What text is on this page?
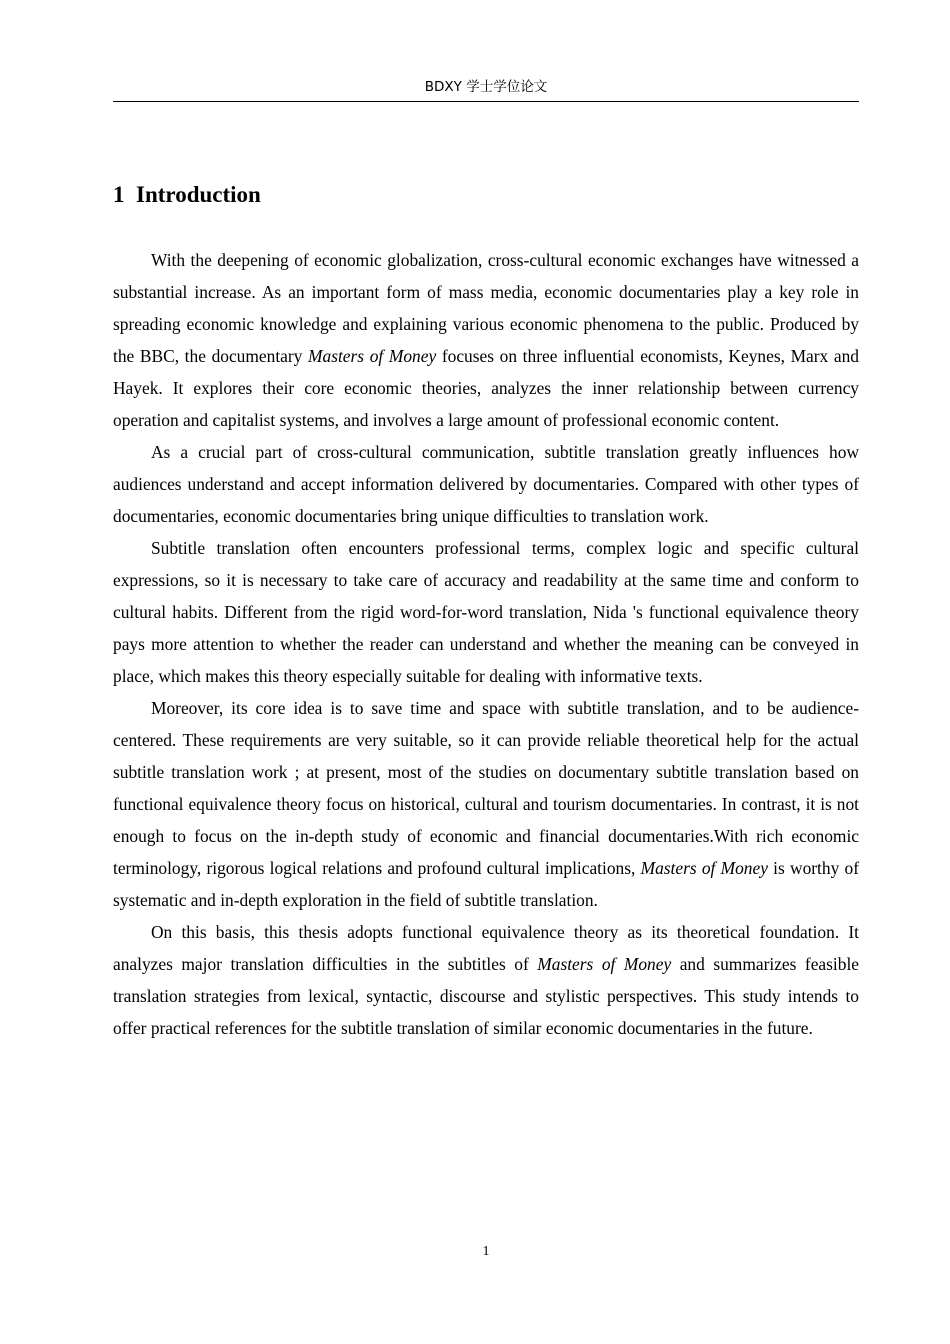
BDXY 学士学位论文
1 Introduction

With the deepening of economic globalization, cross-cultural economic exchanges have witnessed a substantial increase. As an important form of mass media, economic documentaries play a key role in spreading economic knowledge and explaining various economic phenomena to the public. Produced by the BBC, the documentary Masters of Money focuses on three influential economists, Keynes, Marx and Hayek. It explores their core economic theories, analyzes the inner relationship between currency operation and capitalist systems, and involves a large amount of professional economic content.

As a crucial part of cross-cultural communication, subtitle translation greatly influences how audiences understand and accept information delivered by documentaries. Compared with other types of documentaries, economic documentaries bring unique difficulties to translation work.

Subtitle translation often encounters professional terms, complex logic and specific cultural expressions, so it is necessary to take care of accuracy and readability at the same time and conform to cultural habits. Different from the rigid word-for-word translation, Nida 's functional equivalence theory pays more attention to whether the reader can understand and whether the meaning can be conveyed in place, which makes this theory especially suitable for dealing with informative texts.

Moreover, its core idea is to save time and space with subtitle translation, and to be audience-centered. These requirements are very suitable, so it can provide reliable theoretical help for the actual subtitle translation work ; at present, most of the studies on documentary subtitle translation based on functional equivalence theory focus on historical, cultural and tourism documentaries. In contrast, it is not enough to focus on the in-depth study of economic and financial documentaries.With rich economic terminology, rigorous logical relations and profound cultural implications, Masters of Money is worthy of systematic and in-depth exploration in the field of subtitle translation.

On this basis, this thesis adopts functional equivalence theory as its theoretical foundation. It analyzes major translation difficulties in the subtitles of Masters of Money and summarizes feasible translation strategies from lexical, syntactic, discourse and stylistic perspectives. This study intends to offer practical references for the subtitle translation of similar economic documentaries in the future.

1
